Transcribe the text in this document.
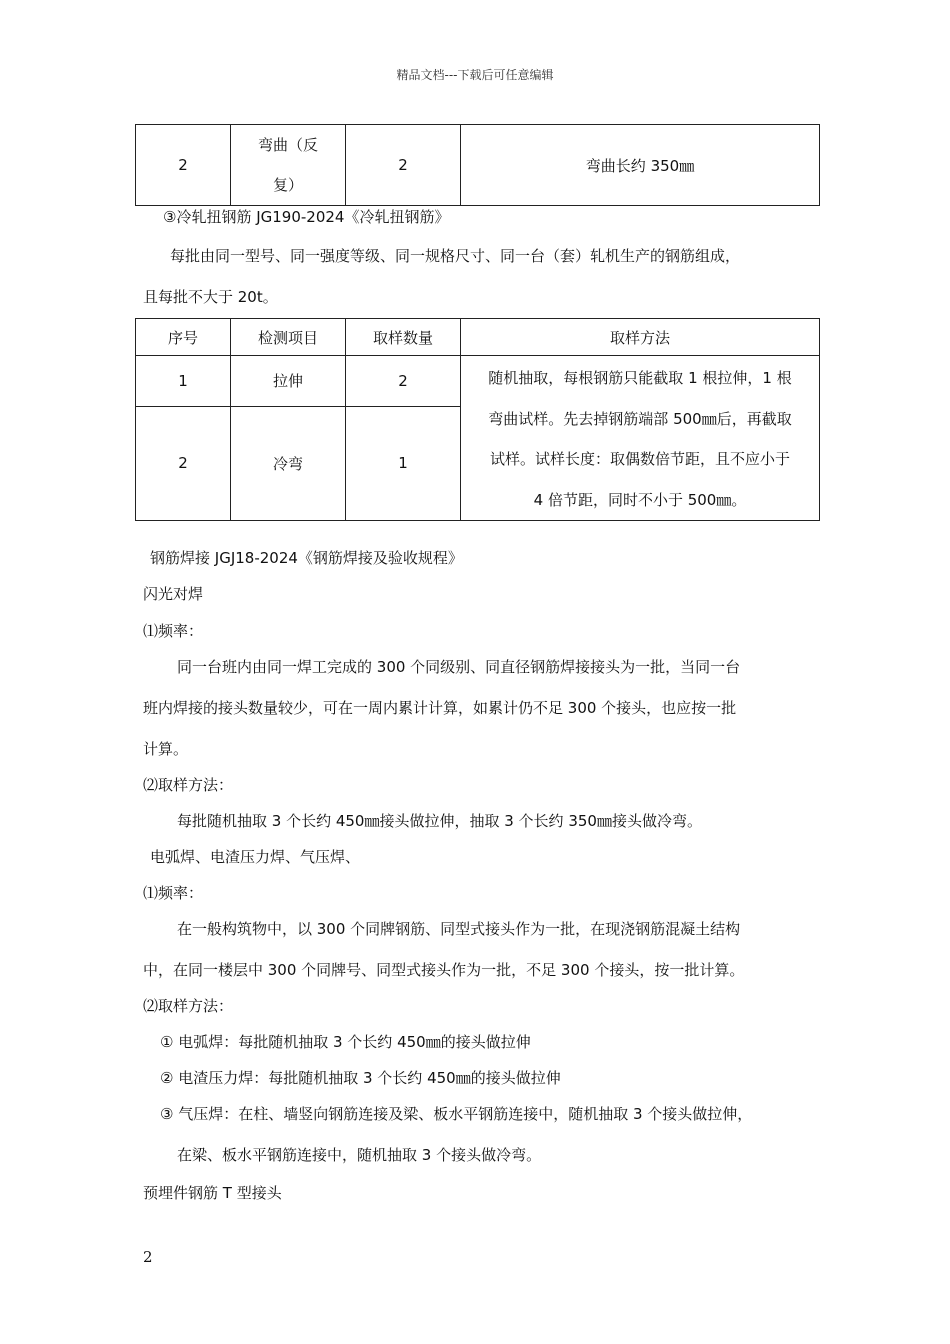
精品文档---下载后可任意编辑
2	弯曲（反复）	2	弯曲长约 350㎜
③冷轧扭钢筋 JG190-2024《冷轧扭钢筋》
每批由同一型号、同一强度等级、同一规格尺寸、同一台（套）轧机生产的钢筋组成，
且每批不大于 20t。
序号	检测项目	取样数量	取样方法
1	拉伸	2	随机抽取，每根钢筋只能截取 1 根拉伸，1 根
弯曲试样。先去掉钢筋端部 500㎜后，再截取
试样。试样长度：取偶数倍节距，且不应小于
4 倍节距，同时不小于 500㎜。

2	冷弯	1	
钢筋焊接 JGJ18-2024《钢筋焊接及验收规程》
闪光对焊
⑴频率：
同一台班内由同一焊工完成的 300 个同级别、同直径钢筋焊接接头为一批，当同一台
班内焊接的接头数量较少，可在一周内累计计算，如累计仍不足 300 个接头，也应按一批
计算。
⑵取样方法：
每批随机抽取 3 个长约 450㎜接头做拉伸，抽取 3 个长约 350㎜接头做冷弯。
电弧焊、电渣压力焊、气压焊、
⑴频率：
在一般构筑物中，以 300 个同牌钢筋、同型式接头作为一批，在现浇钢筋混凝土结构
中，在同一楼层中 300 个同牌号、同型式接头作为一批，不足 300 个接头，按一批计算。
⑵取样方法：
① 电弧焊：每批随机抽取 3 个长约 450㎜的接头做拉伸
② 电渣压力焊：每批随机抽取 3 个长约 450㎜的接头做拉伸
③ 气压焊：在柱、墙竖向钢筋连接及梁、板水平钢筋连接中，随机抽取 3 个接头做拉伸，
在梁、板水平钢筋连接中，随机抽取 3 个接头做冷弯。
预埋件钢筋 T 型接头
2
